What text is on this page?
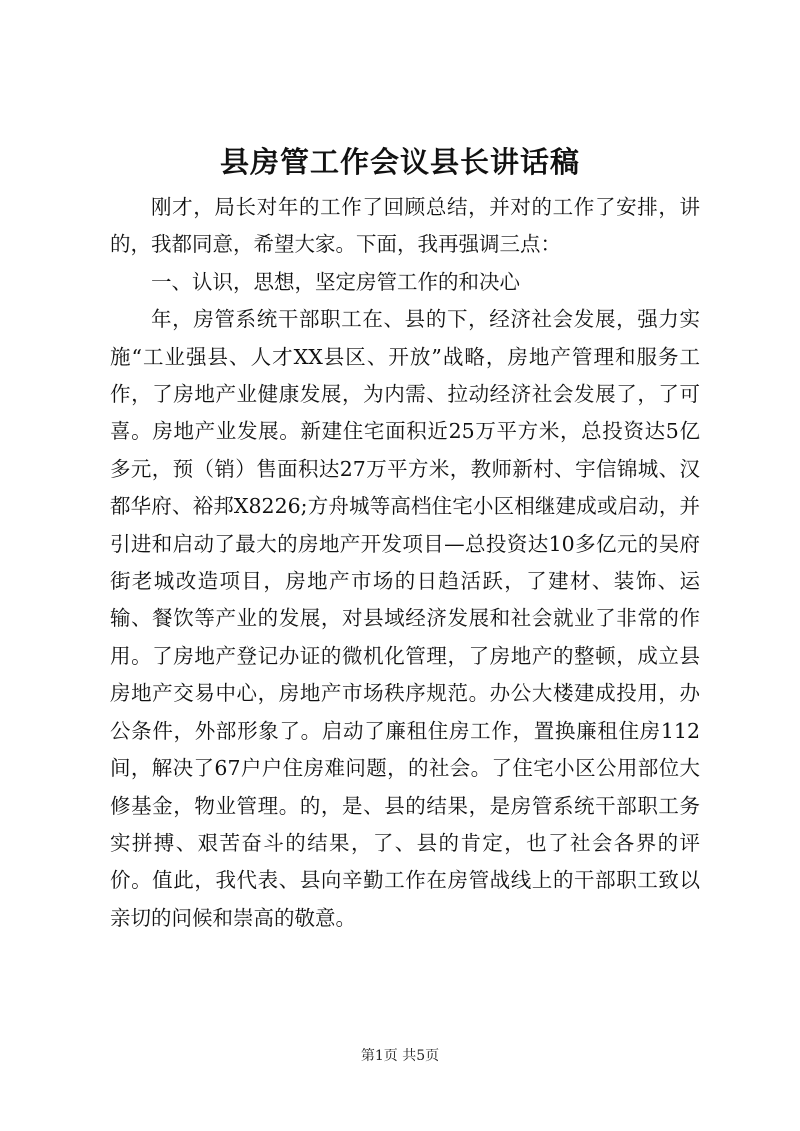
县房管工作会议县长讲话稿

刚才，局长对年的工作了回顾总结，并对的工作了安排，讲的，我都同意，希望大家。下面，我再强调三点：

一、认识，思想，坚定房管工作的和决心

年，房管系统干部职工在、县的下，经济社会发展，强力实施“工业强县、人才XX县区、开放”战略，房地产管理和服务工作，了房地产业健康发展，为内需、拉动经济社会发展了，了可喜。房地产业发展。新建住宅面积近25万平方米，总投资达5亿多元，预（销）售面积达27万平方米，教师新村、宇信锦城、汉都华府、裕邦X8226;方舟城等高档住宅小区相继建成或启动，并引进和启动了最大的房地产开发项目—总投资达10多亿元的吴府街老城改造项目，房地产市场的日趋活跃，了建材、装饰、运输、餐饮等产业的发展，对县域经济发展和社会就业了非常的作用。了房地产登记办证的微机化管理，了房地产的整顿，成立县房地产交易中心，房地产市场秩序规范。办公大楼建成投用，办公条件，外部形象了。启动了廉租住房工作，置换廉租住房112间，解决了67户户住房难问题，的社会。了住宅小区公用部位大修基金，物业管理。的，是、县的结果，是房管系统干部职工务实拼搏、艰苦奋斗的结果，了、县的肯定，也了社会各界的评价。值此，我代表、县向辛勤工作在房管战线上的干部职工致以亲切的问候和崇高的敬意。

第1页 共5页
